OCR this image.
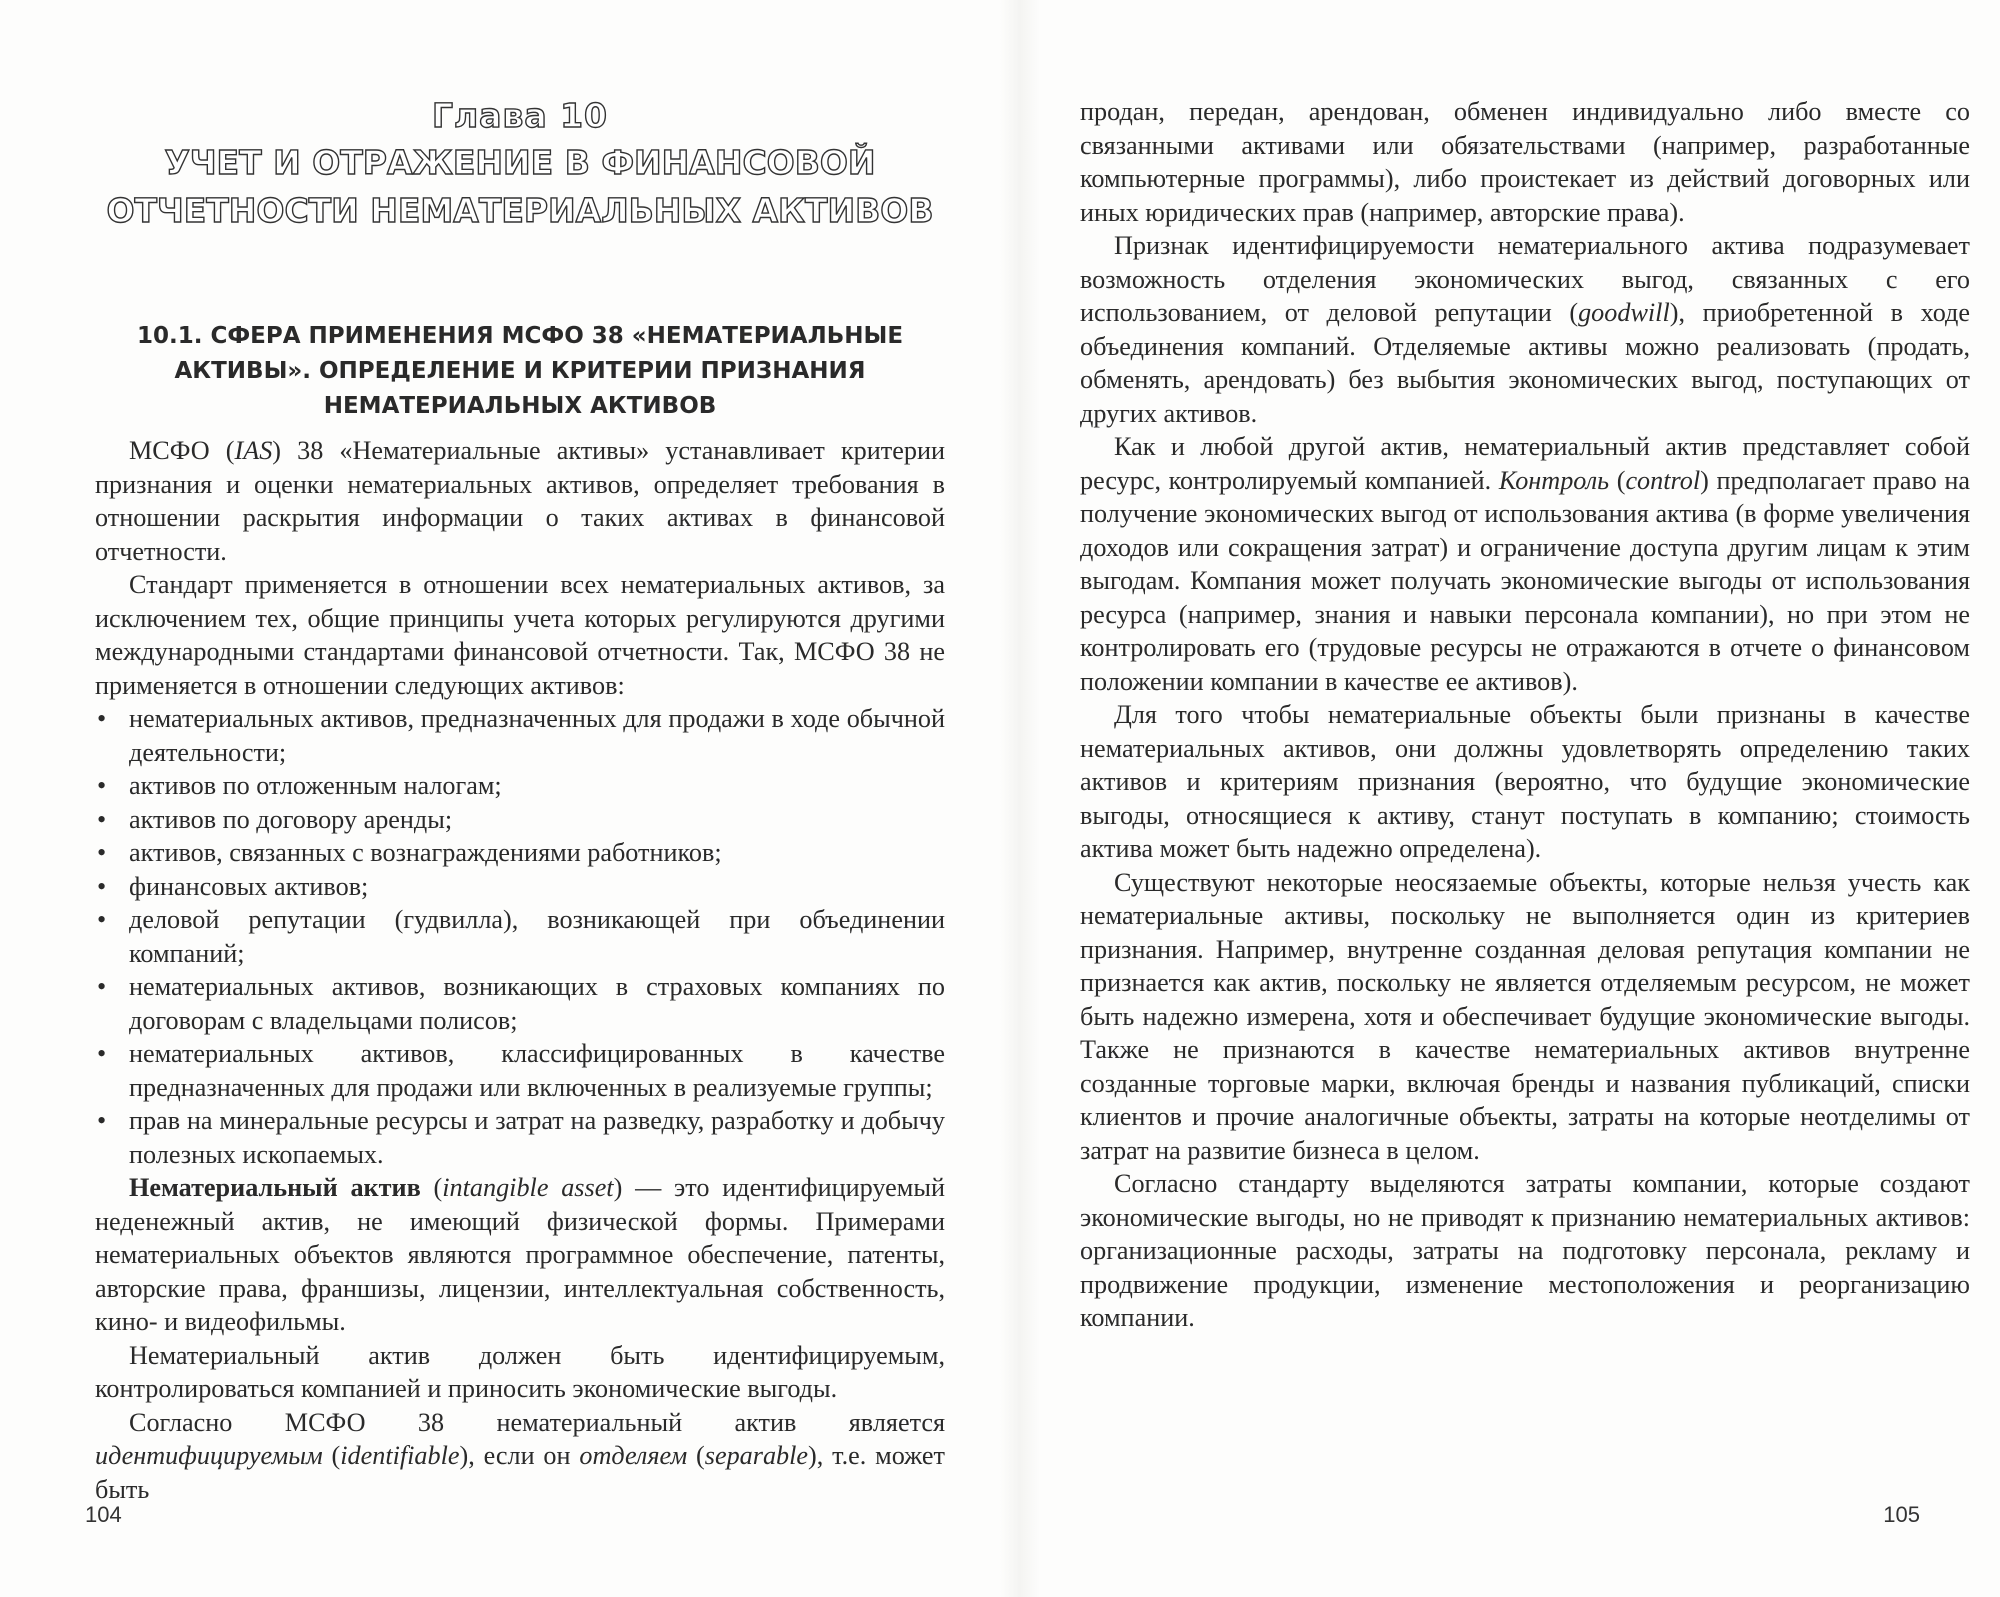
Глава 10
УЧЕТ И ОТРАЖЕНИЕ В ФИНАНСОВОЙ
ОТЧЕТНОСТИ НЕМАТЕРИАЛЬНЫХ АКТИВОВ
10.1. СФЕРА ПРИМЕНЕНИЯ МСФО 38 «НЕМАТЕРИАЛЬНЫЕ АКТИВЫ». ОПРЕДЕЛЕНИЕ И КРИТЕРИИ ПРИЗНАНИЯ НЕМАТЕРИАЛЬНЫХ АКТИВОВ

МСФО (IAS) 38 «Нематериальные активы» устанавливает критерии признания и оценки нематериальных активов, определяет требования в отношении раскрытия информации о таких активах в финансовой отчетности.

Стандарт применяется в отношении всех нематериальных активов, за исключением тех, общие принципы учета которых регулируются другими международными стандартами финансовой отчетности. Так, МСФО 38 не применяется в отношении следующих активов:

• нематериальных активов, предназначенных для продажи в ходе обычной деятельности;
• активов по отложенным налогам;
• активов по договору аренды;
• активов, связанных с вознаграждениями работников;
• финансовых активов;
• деловой репутации (гудвилла), возникающей при объединении компаний;
• нематериальных активов, возникающих в страховых компаниях по договорам с владельцами полисов;
• нематериальных активов, классифицированных в качестве предназначенных для продажи или включенных в реализуемые группы;
• прав на минеральные ресурсы и затрат на разведку, разработку и добычу полезных ископаемых.

Нематериальный актив (intangible asset) — это идентифицируемый неденежный актив, не имеющий физической формы. Примерами нематериальных объектов являются программное обеспечение, патенты, авторские права, франшизы, лицензии, интеллектуальная собственность, кино- и видеофильмы.

Нематериальный актив должен быть идентифицируемым, контролироваться компанией и приносить экономические выгоды.

Согласно МСФО 38 нематериальный актив является идентифицируемым (identifiable), если он отделяем (separable), т.е. может быть

104

продан, передан, арендован, обменен индивидуально либо вместе со связанными активами или обязательствами (например, разработанные компьютерные программы), либо проистекает из действий договорных или иных юридических прав (например, авторские права).

Признак идентифицируемости нематериального актива подразумевает возможность отделения экономических выгод, связанных с его использованием, от деловой репутации (goodwill), приобретенной в ходе объединения компаний. Отделяемые активы можно реализовать (продать, обменять, арендовать) без выбытия экономических выгод, поступающих от других активов.

Как и любой другой актив, нематериальный актив представляет собой ресурс, контролируемый компанией. Контроль (control) предполагает право на получение экономических выгод от использования актива (в форме увеличения доходов или сокращения затрат) и ограничение доступа другим лицам к этим выгодам. Компания может получать экономические выгоды от использования ресурса (например, знания и навыки персонала компании), но при этом не контролировать его (трудовые ресурсы не отражаются в отчете о финансовом положении компании в качестве ее активов).

Для того чтобы нематериальные объекты были признаны в качестве нематериальных активов, они должны удовлетворять определению таких активов и критериям признания (вероятно, что будущие экономические выгоды, относящиеся к активу, станут поступать в компанию; стоимость актива может быть надежно определена).

Существуют некоторые неосязаемые объекты, которые нельзя учесть как нематериальные активы, поскольку не выполняется один из критериев признания. Например, внутренне созданная деловая репутация компании не признается как актив, поскольку не является отделяемым ресурсом, не может быть надежно измерена, хотя и обеспечивает будущие экономические выгоды. Также не признаются в качестве нематериальных активов внутренне созданные торговые марки, включая бренды и названия публикаций, списки клиентов и прочие аналогичные объекты, затраты на которые неотделимы от затрат на развитие бизнеса в целом.

Согласно стандарту выделяются затраты компании, которые создают экономические выгоды, но не приводят к признанию нематериальных активов: организационные расходы, затраты на подготовку персонала, рекламу и продвижение продукции, изменение местоположения и реорганизацию компании.

105
